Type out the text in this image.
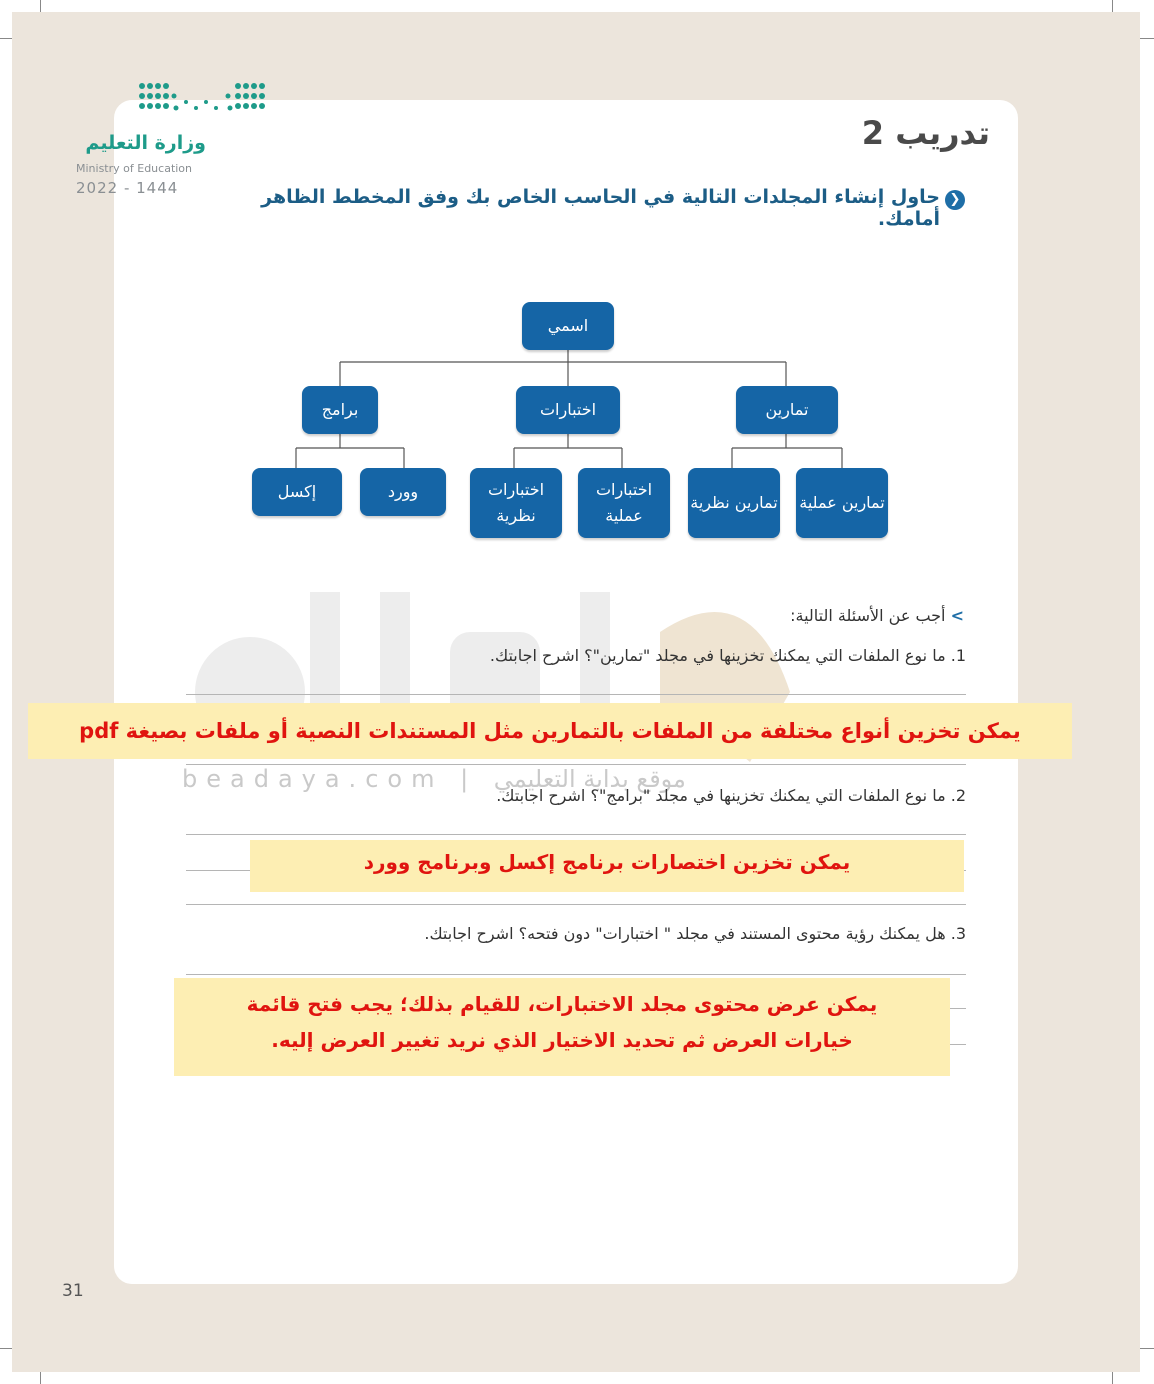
وزارة التعليم
Ministry of Education
2022 - 1444
تدريب 2
❯
حاول إنشاء المجلدات التالية في الحاسب الخاص بك وفق المخطط الظاهر أمامك.
اسمي
تمارين
اختبارات
برامج
تمارين عملية
تمارين نظرية
اختبارات عملية
اختبارات نظرية
وورد
إكسل
beadaya.com | موقع بداية التعليمي
> أجب عن الأسئلة التالية:
1. ما نوع الملفات التي يمكنك تخزينها في مجلد "تمارين"؟ اشرح اجابتك.
يمكن تخزين أنواع مختلفة من الملفات بالتمارين مثل المستندات النصية أو ملفات بصيغة pdf
2. ما نوع الملفات التي يمكنك تخزينها في مجلد "برامج"؟ اشرح اجابتك.
يمكن تخزين اختصارات برنامج إكسل وبرنامج وورد
3. هل يمكنك رؤية محتوى المستند في مجلد " اختبارات" دون فتحه؟ اشرح اجابتك.
يمكن عرض محتوى مجلد الاختبارات، للقيام بذلك؛ يجب فتح قائمة
خيارات العرض ثم تحديد الاختيار الذي نريد تغيير العرض إليه.
31
